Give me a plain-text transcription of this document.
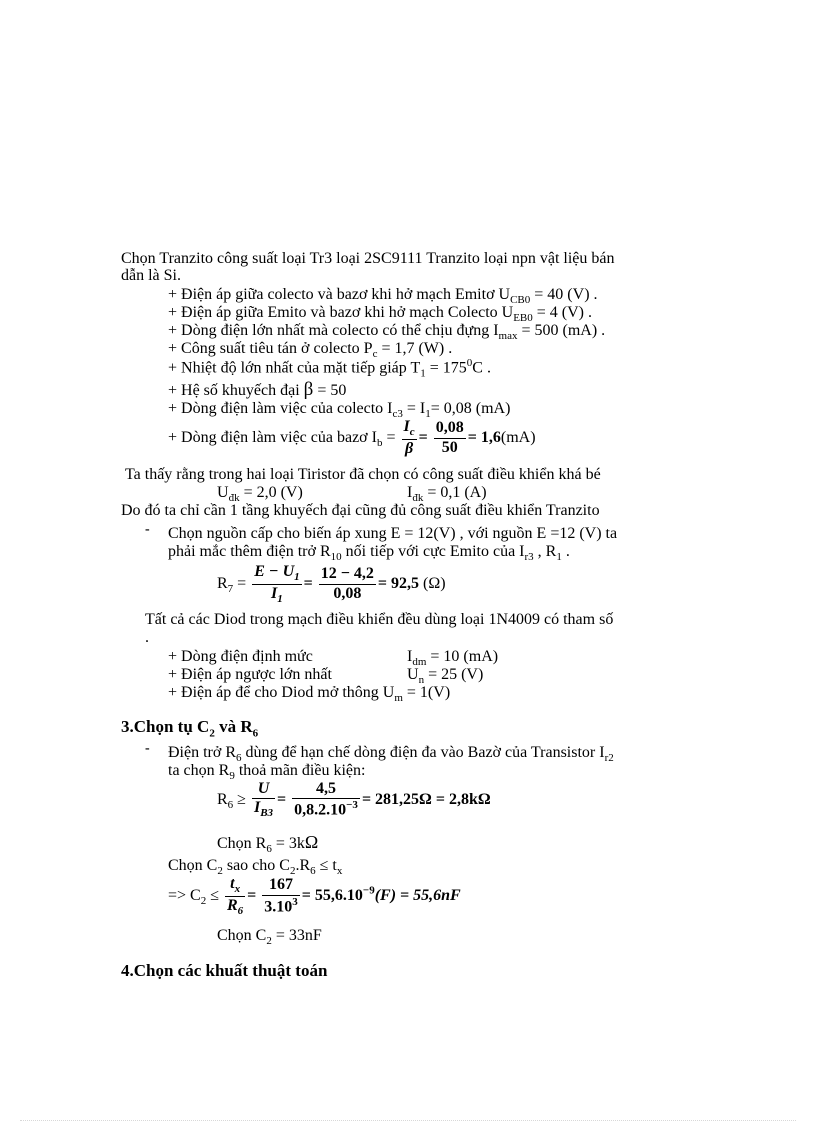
Chọn Tranzito công suất loại Tr3 loại 2SC9111 Tranzito loại npn vật liệu bán
dẫn là Si.
+ Điện áp giữa colecto và bazơ khi hở mạch Emitơ $U_{CB0} = 40$ (V) .
+ Điện áp giữa Emito và bazơ khi hở mạch Colecto $U_{EB0} = 4$ (V) .
+ Dòng điện lớn nhất mà colecto có thể chịu đựng $I_{max} = 500$ (mA) .
+ Công suất tiêu tán ở colecto $P_c = 1,7$ (W) .
+ Nhiệt độ lớn nhất của mặt tiếp giáp $T_1 = 175^0C$ .
+ Hệ số khuyếch đại β = 50
+ Dòng điện làm việc của colecto $I_{c3} = I_1= 0,08$ (mA)
+ Dòng điện làm việc của bazơ $I_b = \frac{I_c}{\beta} = \frac{0,08}{50} = 1,6(mA)$
Ta thấy rằng trong hai loại Tiristor đã chọn có công suất điều khiển khá bé
$U_{đk} = 2,0$ (V)	$I_{đk} = 0,1$ (A)
Do đó ta chỉ cần 1 tầng khuyếch đại cũng đủ công suất điều khiển Tranzito
- Chọn nguồn cấp cho biến áp xung E = 12(V) , với nguồn E =12 (V) ta
phải mắc thêm điện trở $R_{10}$ nối tiếp với cực Emito của $I_{r3}$ , $R_1$ .
$R_7 = \frac{E - U_1}{I_1} = \frac{12 - 4,2}{0,08} = 92,5$ (Ω)
Tất cả các Diod trong mạch điều khiển đều dùng loại 1N4009 có tham số
.
+ Dòng điện định mức	$I_{dm} = 10$ (mA)
+ Điện áp ngược lớn nhất	$U_n = 25$ (V)
+ Điện áp để cho Diod mở thông $U_m = 1(V)$
3.Chọn tụ $C_2$ và $R_6$
- Điện trở $R_6$ dùng để hạn chế dòng điện đa vào Bazờ của Transistor $I_{r2}$
ta chọn $R_9$ thoả mãn điều kiện:
$R_6 \ge \frac{U}{I_{B3}} = \frac{4,5}{0,8.2.10^{-3}} = 281,25\Omega = 2,8k\Omega$
Chọn $R_6 = 3k\Omega$
Chọn $C_2$ sao cho $C_2.R_6 \le t_x$
=> $C_2 \le \frac{t_x}{R_6} = \frac{167}{3.10^3} = 55,6.10^{-9}(F) = 55,6nF$
Chọn $C_2 = 33nF$
4.Chọn các khuất thuật toán
